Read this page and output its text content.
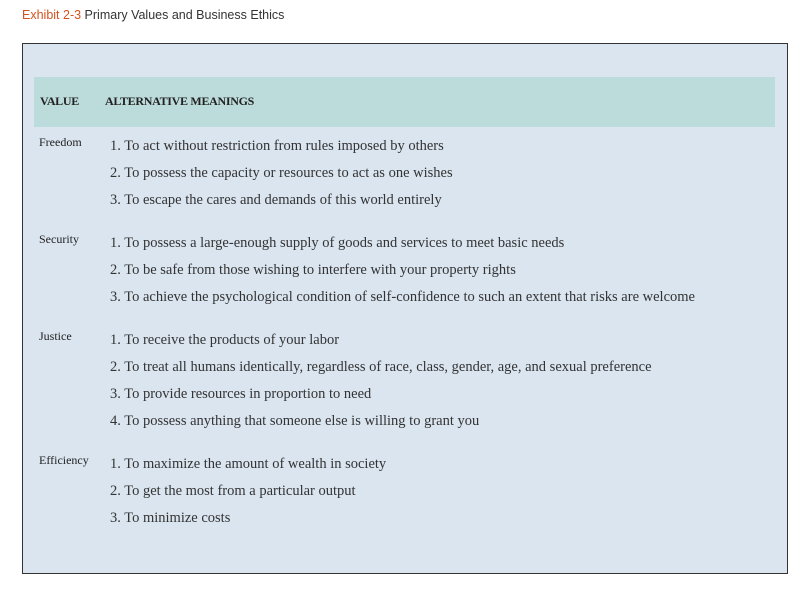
Exhibit 2-3 Primary Values and Business Ethics
VALUE ALTERNATIVE MEANINGS
Freedom 1. To act without restriction from rules imposed by others
2. To possess the capacity or resources to act as one wishes
3. To escape the cares and demands of this world entirely
Security 1. To possess a large-enough supply of goods and services to meet basic needs
2. To be safe from those wishing to interfere with your property rights
3. To achieve the psychological condition of self-confidence to such an extent that risks are welcome
Justice	1. To receive the products of your labor
2. To treat all humans identically, regardless of race, class, gender, age, and sexual preference
3. To provide resources in proportion to need
4. To possess anything that someone else is willing to grant you
Efficiency 1. To maximize the amount of wealth in society
2. To get the most from a particular output
3. To minimize costs
